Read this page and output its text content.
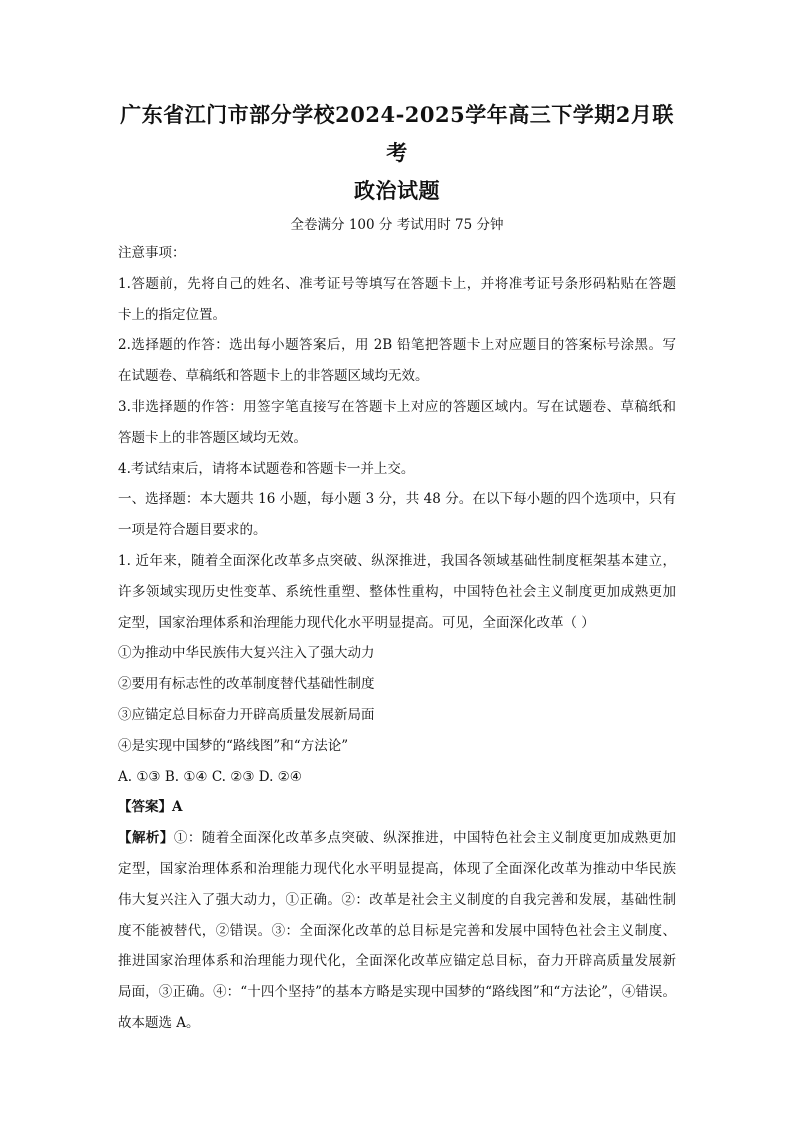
广东省江门市部分学校2024-2025学年高三下学期2月联考
政治试题

全卷满分 100 分 考试用时 75 分钟

注意事项：

1.答题前，先将自己的姓名、准考证号等填写在答题卡上，并将准考证号条形码粘贴在答题

卡上的指定位置。

2.选择题的作答：选出每小题答案后，用 2B 铅笔把答题卡上对应题目的答案标号涂黑。写

在试题卷、草稿纸和答题卡上的非答题区域均无效。

3.非选择题的作答：用签字笔直接写在答题卡上对应的答题区域内。写在试题卷、草稿纸和

答题卡上的非答题区域均无效。

4.考试结束后，请将本试题卷和答题卡一并上交。

一、选择题：本大题共 16 小题，每小题 3 分，共 48 分。在以下每小题的四个选项中，只有

一项是符合题目要求的。

1. 近年来，随着全面深化改革多点突破、纵深推进，我国各领域基础性制度框架基本建立，

许多领域实现历史性变革、系统性重塑、整体性重构，中国特色社会主义制度更加成熟更加

定型，国家治理体系和治理能力现代化水平明显提高。可见，全面深化改革（ ）

①为推动中华民族伟大复兴注入了强大动力

②要用有标志性的改革制度替代基础性制度

③应锚定总目标奋力开辟高质量发展新局面

④是实现中国梦的“路线图”和“方法论”

A. ①③ B. ①④ C. ②③ D. ②④

【答案】A

【解析】①：随着全面深化改革多点突破、纵深推进，中国特色社会主义制度更加成熟更加

定型，国家治理体系和治理能力现代化水平明显提高，体现了全面深化改革为推动中华民族

伟大复兴注入了强大动力，①正确。②：改革是社会主义制度的自我完善和发展，基础性制

度不能被替代，②错误。③：全面深化改革的总目标是完善和发展中国特色社会主义制度、

推进国家治理体系和治理能力现代化，全面深化改革应锚定总目标，奋力开辟高质量发展新

局面，③正确。④：“十四个坚持”的基本方略是实现中国梦的“路线图”和“方法论”，④错误。

故本题选 A。
